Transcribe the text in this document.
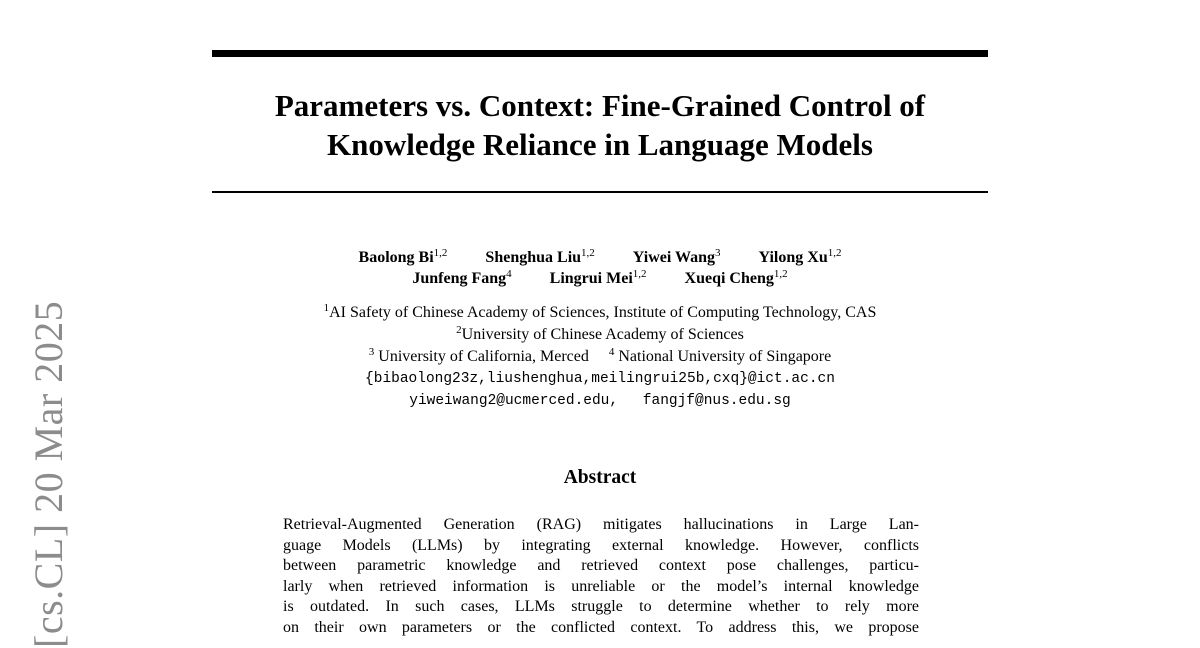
[cs.CL] 20 Mar 2025
Parameters vs. Context: Fine-Grained Control of
Knowledge Reliance in Language Models
Baolong Bi$^{1,2}$ Shenghua Liu$^{1,2}$ Yiwei Wang$^3$ Yilong Xu$^{1,2}$
Junfeng Fang$^4$ Lingrui Mei$^{1,2}$ Xueqi Cheng$^{1,2}$
$^1$AI Safety of Chinese Academy of Sciences, Institute of Computing Technology, CAS
$^2$University of Chinese Academy of Sciences
$^3$ University of California, Merced $^4$ National University of Singapore
{bibaolong23z,liushenghua,meilingrui25b,cxq}@ict.ac.cn
yiweiwang2@ucmerced.edu, fangjf@nus.edu.sg
Abstract
Retrieval-Augmented Generation (RAG) mitigates hallucinations in Large Lan-
guage Models (LLMs) by integrating external knowledge. However, conflicts
between parametric knowledge and retrieved context pose challenges, particu-
larly when retrieved information is unreliable or the model’s internal knowledge
is outdated. In such cases, LLMs struggle to determine whether to rely more
on their own parameters or the conflicted context. To address this, we propose
